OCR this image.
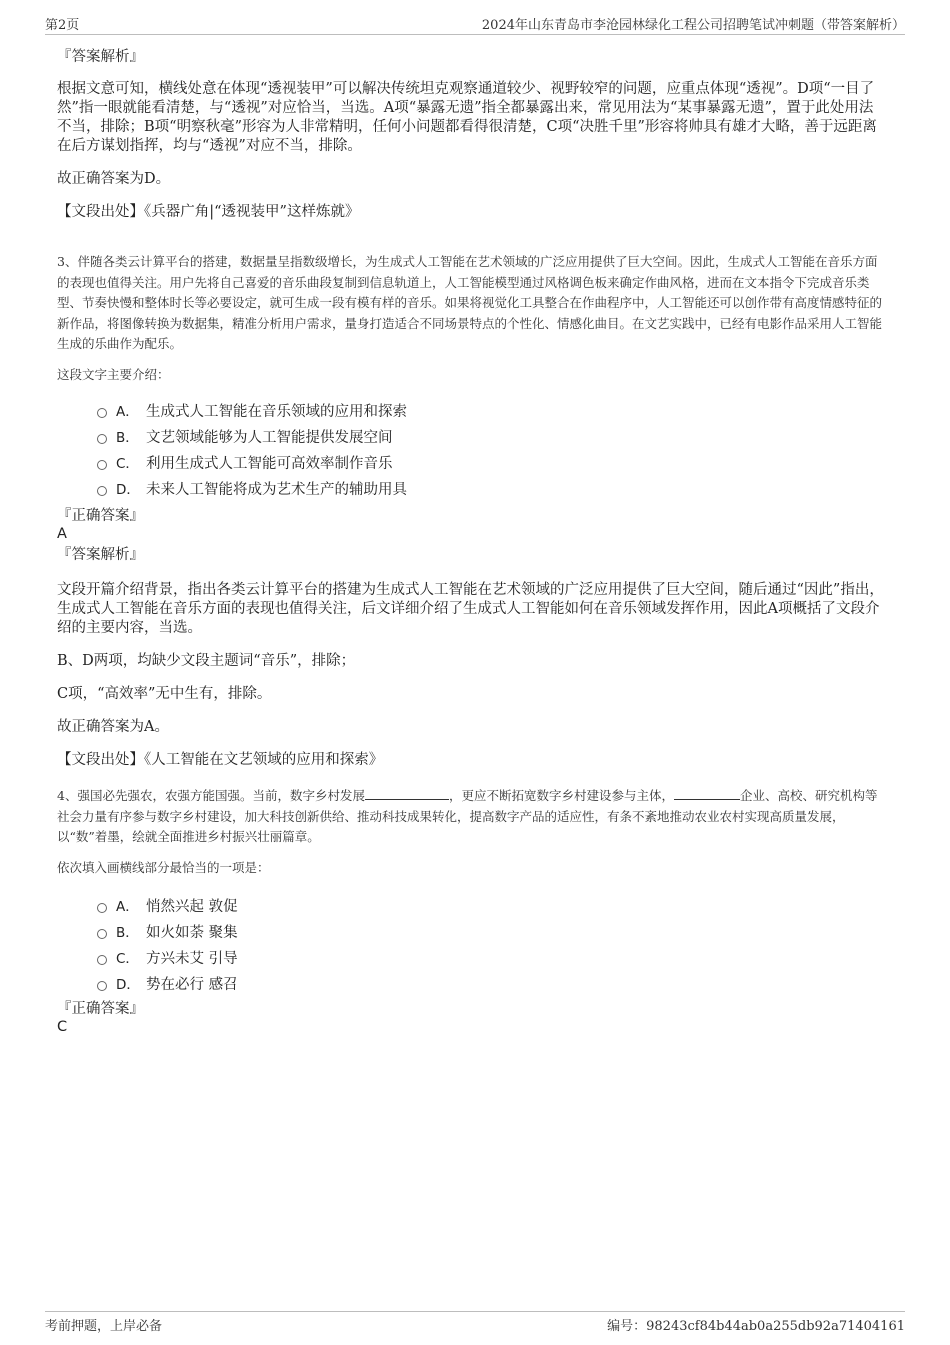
第2页	2024年山东青岛市李沧园林绿化工程公司招聘笔试冲刺题（带答案解析）
『答案解析』

根据文意可知，横线处意在体现“透视装甲”可以解决传统坦克观察通道较少、视野较窄的问题，应重点体现“透视”。D项“一目了然”指一眼就能看清楚，与“透视”对应恰当，当选。A项“暴露无遗”指全都暴露出来，常见用法为“某事暴露无遗”，置于此处用法不当，排除；B项“明察秋毫”形容为人非常精明，任何小问题都看得很清楚，C项“决胜千里”形容将帅具有雄才大略，善于远距离在后方谋划指挥，均与“透视”对应不当，排除。

故正确答案为D。
【文段出处】《兵器广角|“透视装甲”这样炼就》

3、伴随各类云计算平台的搭建，数据量呈指数级增长，为生成式人工智能在艺术领域的广泛应用提供了巨大空间。因此，生成式人工智能在音乐方面的表现也值得关注。用户先将自己喜爱的音乐曲段复制到信息轨道上，人工智能模型通过风格调色板来确定作曲风格，进而在文本指令下完成音乐类型、节奏快慢和整体时长等必要设定，就可生成一段有模有样的音乐。如果将视觉化工具整合在作曲程序中，人工智能还可以创作带有高度情感特征的新作品，将图像转换为数据集，精准分析用户需求，量身打造适合不同场景特点的个性化、情感化曲目。在文艺实践中，已经有电影作品采用人工智能生成的乐曲作为配乐。

这段文字主要介绍：
A． 生成式人工智能在音乐领域的应用和探索
B． 文艺领域能够为人工智能提供发展空间
C． 利用生成式人工智能可高效率制作音乐
D． 未来人工智能将成为艺术生产的辅助用具
『正确答案』
A
『答案解析』

文段开篇介绍背景，指出各类云计算平台的搭建为生成式人工智能在艺术领域的广泛应用提供了巨大空间，随后通过“因此”指出，生成式人工智能在音乐方面的表现也值得关注，后文详细介绍了生成式人工智能如何在音乐领域发挥作用，因此A项概括了文段介绍的主要内容，当选。

B、D两项，均缺少文段主题词“音乐”，排除；
C项，“高效率”无中生有，排除。
故正确答案为A。
【文段出处】《人工智能在文艺领域的应用和探索》

4、强国必先强农，农强方能国强。当前，数字乡村发展	，更应不断拓宽数字乡村建设参与主体，	企业、高校、研究机构等社会力量有序参与数字乡村建设，加大科技创新供给、推动科技成果转化，提高数字产品的适应性，有条不紊地推动农业农村实现高质量发展，以“数”着墨，绘就全面推进乡村振兴壮丽篇章。

依次填入画横线部分最恰当的一项是：
A． 悄然兴起 敦促
B． 如火如荼 聚集
C． 方兴未艾 引导
D． 势在必行 感召
『正确答案』
C
考前押题，上岸必备	编号：98243cf84b44ab0a255db92a71404161
